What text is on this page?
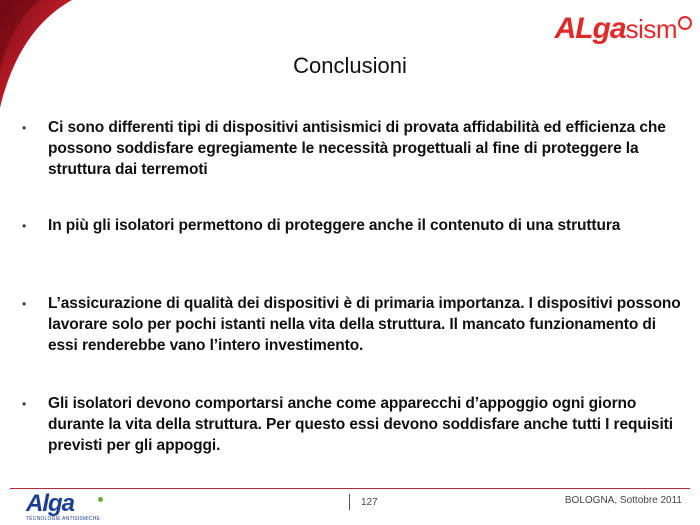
ALga sism
Conclusioni
•	Ci sono differenti tipi di dispositivi antisismici di provata affidabilità ed efficienza che possono soddisfare egregiamente le necessità progettuali al fine di proteggere la struttura dai terremoti
•	In più gli isolatori permettono di proteggere anche il contenuto di una struttura
•	L’assicurazione di qualità dei dispositivi è di primaria importanza. I dispositivi possono lavorare solo per pochi istanti nella vita della struttura. Il mancato funzionamento di essi renderebbe vano l’intero investimento.
•	Gli isolatori devono comportarsi anche come apparecchi d’appoggio ogni giorno durante la vita della struttura. Per questo essi devono soddisfare anche tutti I requisiti previsti per gli appoggi.
Alga
TECNOLOGIE ANTISISMICHE
127	BOLOGNA, Sottobre 2011
